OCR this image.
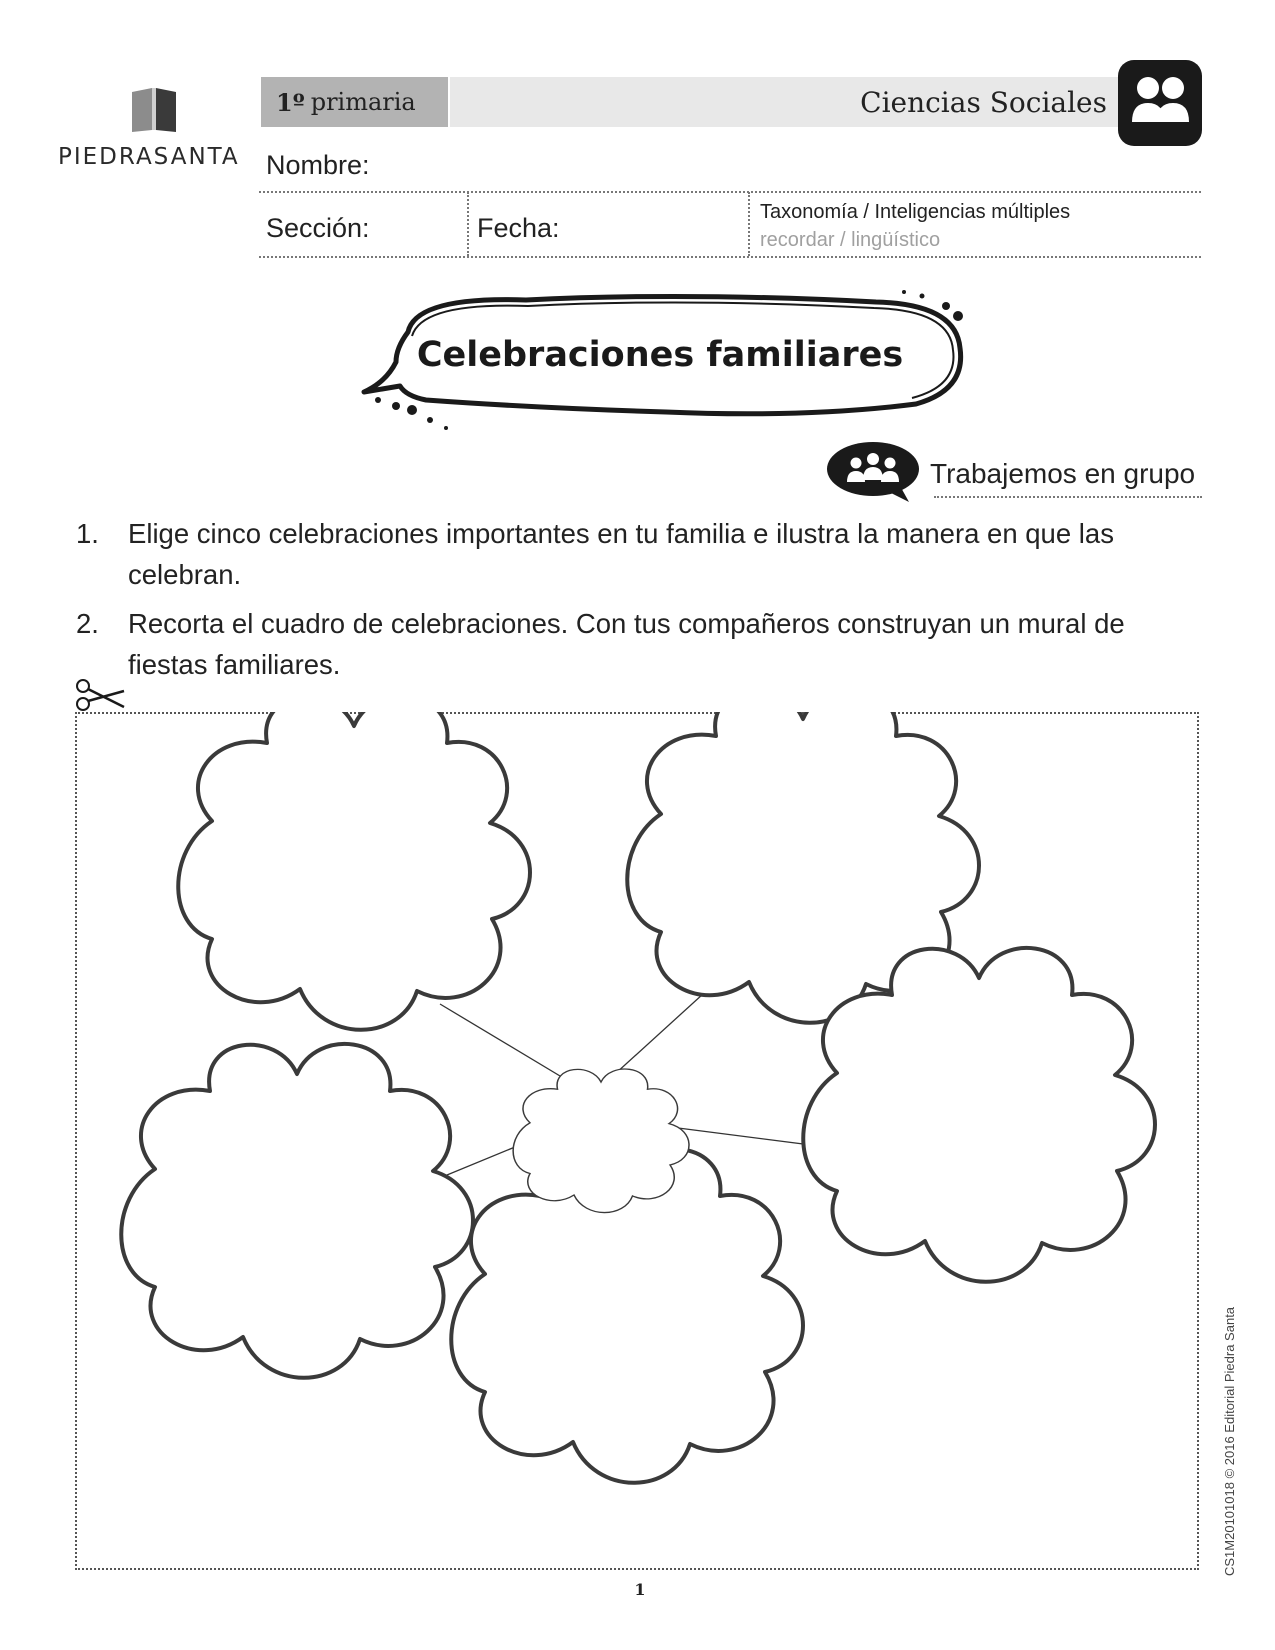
PIEDRASANTA
1º primaria	Ciencias Sociales
Nombre:
Sección:	Fecha:
Taxonomía / Inteligencias múltiples
recordar / lingüístico
Celebraciones familiares
Trabajemos en grupo
1. Elige cinco celebraciones importantes en tu familia e ilustra la manera en que las celebran.
2. Recorta el cuadro de celebraciones. Con tus compañeros construyan un mural de fiestas familiares.
CS1M20101018 © 2016 Editorial Piedra Santa
1
